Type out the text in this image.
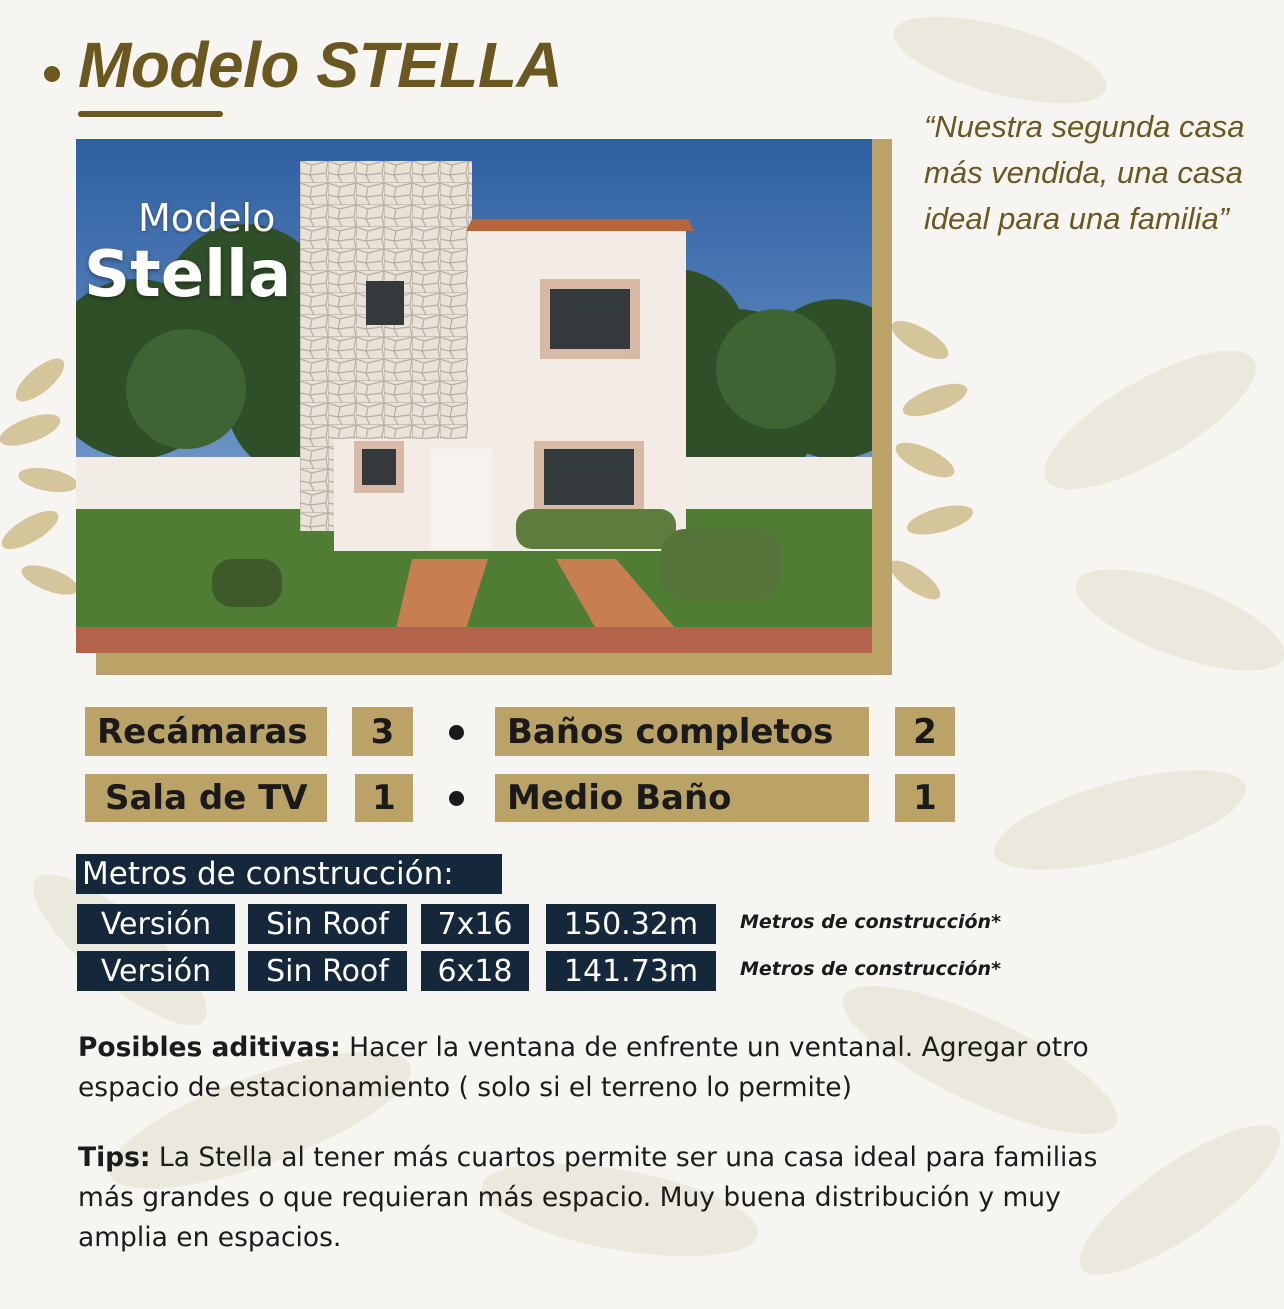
Modelo STELLA
“Nuestra segunda casa más vendida, una casa ideal para una familia”
Modelo
Stella
Recámaras	3	Baños completos	2
Sala de TV	1	Medio Baño	1
Metros de construcción:
Versión	Sin Roof	7x16	150.32m	Metros de construcción*
Versión	Sin Roof	6x18	141.73m	Metros de construcción*
Posibles aditivas: Hacer la ventana de enfrente un ventanal. Agregar otro espacio de estacionamiento ( solo si el terreno lo permite)
Tips: La Stella al tener más cuartos permite ser una casa ideal para familias más grandes o que requieran más espacio. Muy buena distribución y muy amplia en espacios.
